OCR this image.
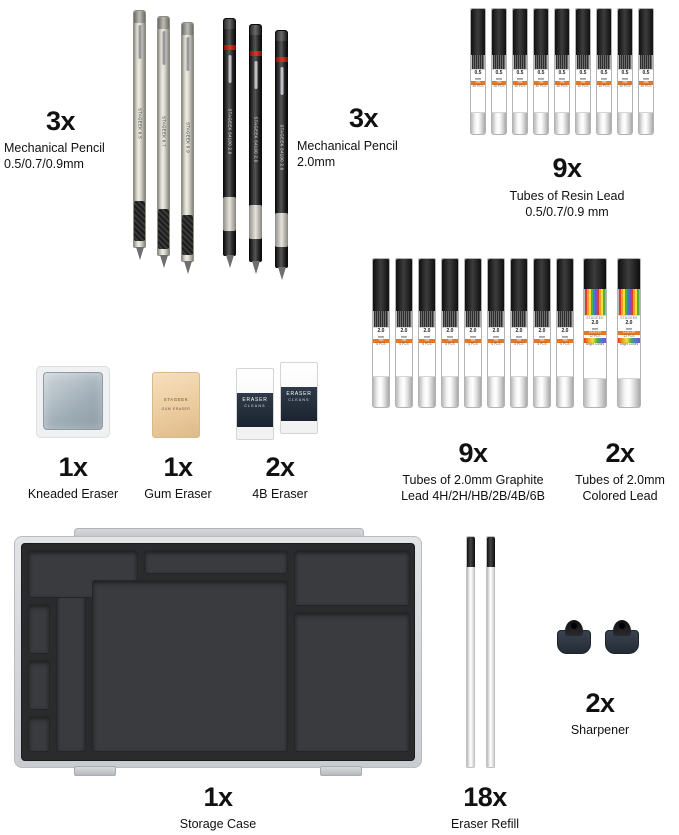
STAGEEK 0.5	STAGEEK 0.7	STAGEEK 0.9
3x
Mechanical Pencil
0.5/0.7/0.9mm
STAGEEK 64100 2.0	STAGEEK 64100 2.0	STAGEEK 64100 2.0
3x
Mechanical Pencil
2.0mm
0.5
mm
HB
30 PCS
0.5
mm
HB
30 PCS
0.5
mm
HB
30 PCS
0.5
mm
HB
30 PCS
0.5
mm
HB
30 PCS
0.5
mm
HB
30 PCS
0.5
mm
HB
30 PCS
0.5
mm
HB
30 PCS
0.5
mm
HB
30 PCS
9x
Tubes of Resin Lead
0.5/0.7/0.9 mm
2.0
mm
HB
6 PCS
2.0
mm
HB
6 PCS
2.0
mm
HB
6 PCS
2.0
mm
HB
6 PCS
2.0
mm
HB
6 PCS
2.0
mm
HB
6 PCS
2.0
mm
HB
6 PCS
2.0
mm
HB
6 PCS
2.0
mm
HB
6 PCS
9x
Tubes of 2.0mm Graphite
Lead 4H/2H/HB/2B/4B/6B
STAGEEK
2.0
mm
COLOR
12 PCS
Bright Colors
STAGEEK
2.0
mm
COLOR
12 PCS
Bright Colors
2x
Tubes of 2.0mm
Colored Lead
1x
Kneaded Eraser
STAGEEK
GUM ERASER
1x
Gum Eraser
ERASER
CLEANS
ERASER
CLEANS
2x
4B Eraser
1x
Storage Case
18x
Eraser Refill
2x
Sharpener
